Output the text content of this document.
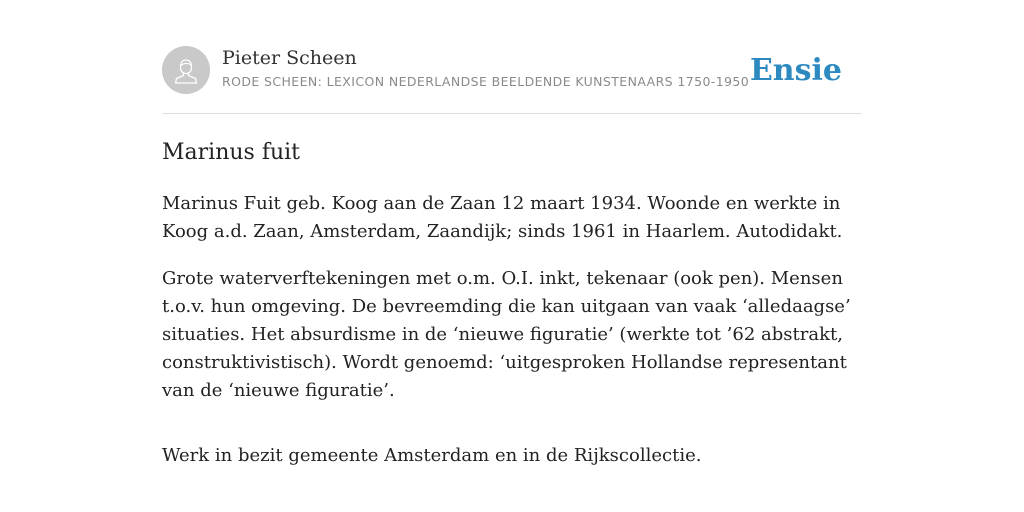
Pieter Scheen
RODE SCHEEN: LEXICON NEDERLANDSE BEELDENDE KUNSTENAARS 1750-1950 Ensie
Marinus fuit

Marinus Fuit geb. Koog aan de Zaan 12 maart 1934. Woonde en werkte in Koog a.d. Zaan, Amsterdam, Zaandijk; sinds 1961 in Haarlem. Autodidakt.

Grote waterverftekeningen met o.m. O.I. inkt, tekenaar (ook pen). Mensen t.o.v. hun omgeving. De bevreemding die kan uitgaan van vaak ‘alledaagse’ situaties. Het absurdisme in de ‘nieuwe figuratie’ (werkte tot ’62 abstrakt, construktivistisch). Wordt genoemd: ‘uitgesproken Hollandse representant van de ‘nieuwe figuratie’.

Werk in bezit gemeente Amsterdam en in de Rijkscollectie.
